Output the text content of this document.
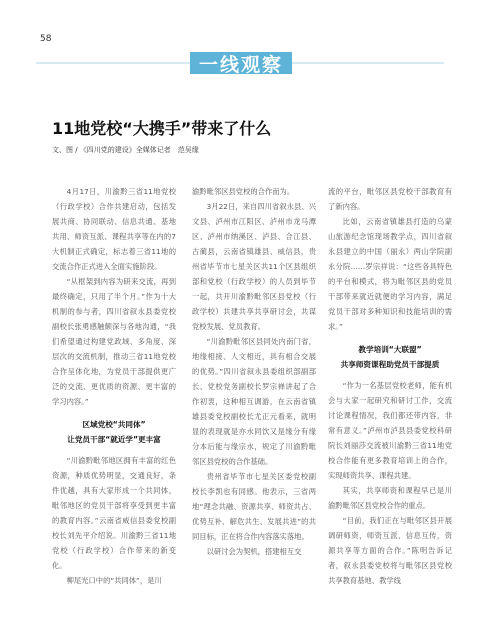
58
一线观察
11地党校“大携手”带来了什么
文、图 / 《四川党的建设》全媒体记者　范吴缘

4月17日，川渝黔三省11地党校（行政学校）合作共建启动，包括发展共商、协同联动、信息共通、基地共用、师资互派、课程共享等在内的7大机制正式确定，标志着三省11地的交流合作正式进入全面实施阶段。

“从框架到内容为研来交流，再到最终确定，只用了半个月。”作为十大机制的参与者，四川省叙永县委党校副校长张勇感触颇深与各地沟通，“我们希望通过构建党政域、多角度、深层次的交流机制，推动三省11地党校合作呈体化地，为党员干部提供更广泛的交流、更优质的资源、更丰富的学习内容。”

区域党校“共同体”
让党员干部“就近学”更丰富

“川渝黔毗邻地区拥有丰富的红色资源，种质优势明显，交通良好，条件优越，具有大家形成一个共同体，毗邻地区的党员干部将享受到更丰富的教育内容。”云南省威信县委党校副校长刘先平介绍说。川渝黔三省11地党校（行政学校）合作带来的新变化。

柳尾光口中的“共同体”，是川

渝黔毗邻区县党校的合作而为。

3月22日，来自四川省叙永县、兴文县、泸州市江阳区、泸州市龙马潭区、泸州市纳溪区、泸县、合江县、古蔺县，云南省镇雄县、威信县，贵州省毕节市七星关区共11个区县组织部和党校（行政学校）的人员到毕节一起，共开川渝黔毗邻区县党校（行政学校）共建共享共享研讨会，共谋党校发展、党员教育。

“川渝黔毗邻区县同处内南门省，地缘相接、人文相近，具有相合交展的优势。”四川省叙永县委组织部副部长、党校党务副校长罗宗禅讲起了合作初衷，这种相互调游，在云南省镇雄县委党校副校长尤正元看来，就明显的表现就是亦水同饮又是缘分有缘分本后能与缘宗水，规定了川渝黔毗邻区县党校的合作基础。

贵州省毕节市七星关区委党校副校长李凯也有同感。他表示，三省两地“理念共融、资源共享、师资共占、优势互补、解危共生、发展共进”的共同目标，正在将合作内容落实落地。

以研讨会为契机，搭建相互交

流的平台，毗邻区县党校干部教育有了新内容。

比如，云南省镇雄县打造的乌蒙山旅游纪念馆现场教学点，四川省叙永县建立的中国（丽永）两山学院副永分院……罗宗祥说：“这些各具特色的平台和模式，将为毗邻区县的党员干部带来就近就便的学习内容，满足党员干部对多种知识和技能培训的需求。”

教学培训“大联盟”
共享师资课程助党员干部提质

“作为一名基层党校老师，能有机会与大家一起研究和研讨工作，交流讨论课程情况，我们都还带内容，非常有意义。”泸州市泸县县委党校科研院长刘丽莎交流被川渝黔三省11地党校合作能有更多教育培训上的合作，实现师资共享、课程共建。

其实，共享师资和课程早已是川渝黔毗邻区县党校合作的重点。

“目前，我们正在与毗邻区县开展调研师资，师资互派、信息互传，资源共享等方面的合作。”陈明告诉记者，叙永县委党校将与毗邻区县党校共享教育基地、教学线
